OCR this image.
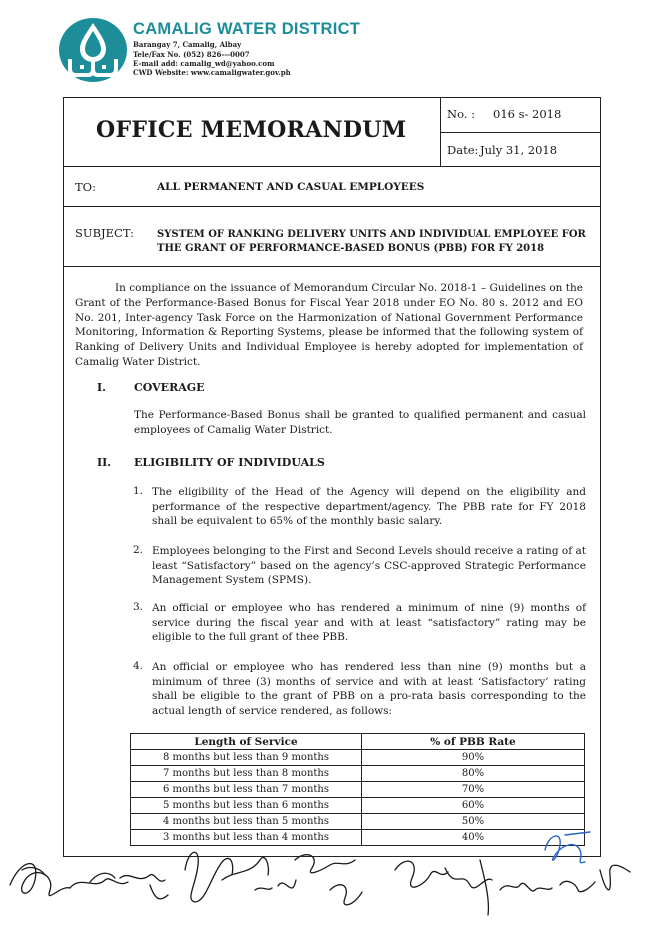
CAMALIG WATER DISTRICT
Barangay 7, Camalig, Albay
Tele/Fax No. (052) 826---0007
E-mail add: camalig_wd@yahoo.com
CWD Website: www.camaligwater.gov.ph
OFFICE MEMORANDUM
No. : 016 s- 2018
Date: July 31, 2018
TO:	ALL PERMANENT AND CASUAL EMPLOYEES
SUBJECT: SYSTEM OF RANKING DELIVERY UNITS AND INDIVIDUAL EMPLOYEE FOR THE GRANT OF PERFORMANCE-BASED BONUS (PBB) FOR FY 2018
In compliance on the issuance of Memorandum Circular No. 2018-1 – Guidelines on the Grant of the Performance-Based Bonus for Fiscal Year 2018 under EO No. 80 s. 2012 and EO No. 201, Inter-agency Task Force on the Harmonization of National Government Performance Monitoring, Information & Reporting Systems, please be informed that the following system of Ranking of Delivery Units and Individual Employee is hereby adopted for implementation of Camalig Water District.
I.	COVERAGE
The Performance-Based Bonus shall be granted to qualified permanent and casual employees of Camalig Water District.
II. ELIGIBILITY OF INDIVIDUALS
1. The eligibility of the Head of the Agency will depend on the eligibility and performance of the respective department/agency. The PBB rate for FY 2018 shall be equivalent to 65% of the monthly basic salary.
2. Employees belonging to the First and Second Levels should receive a rating of at least “Satisfactory” based on the agency’s CSC-approved Strategic Performance Management System (SPMS).
3. An official or employee who has rendered a minimum of nine (9) months of service during the fiscal year and with at least “satisfactory” rating may be eligible to the full grant of thee PBB.
4. An official or employee who has rendered less than nine (9) months but a minimum of three (3) months of service and with at least ‘Satisfactory’ rating shall be eligible to the grant of PBB on a pro-rata basis corresponding to the actual length of service rendered, as follows:
Length of Service	% of PBB Rate
8 months but less than 9 months	90%
7 months but less than 8 months	80%
6 months but less than 7 months	70%
5 months but less than 6 months	60%
4 months but less than 5 months	50%
3 months but less than 4 months	40%
